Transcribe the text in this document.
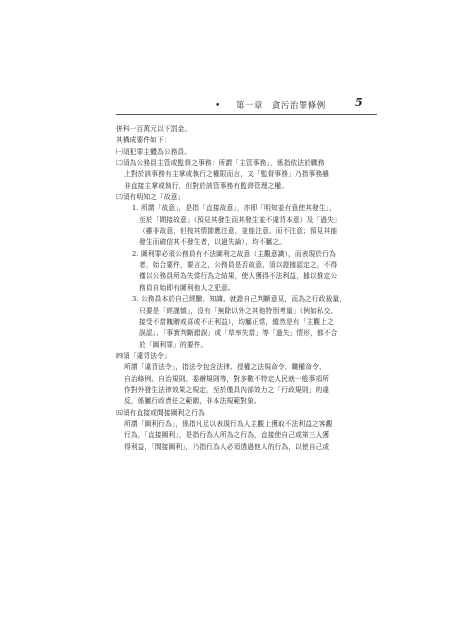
• 第一章　貪污治罪條例	5
併科一百萬元以下罰金。
其構成要件如下：
㈠須犯罪主體為公務員。
㈡須為公務員主管或監督之事務：所謂「主管事務」，係指依法於職務
上對於該事務有主掌或執行之權限而言，又「監督事務」乃指事務雖
非直接主掌或執行，但對於該管事務有監督管理之權。
㈢須有明知之「故意」
1. 所謂「故意」，是指「直接故意」，亦即「明知並有意使其發生」，
至於「間接故意」（預見其發生而其發生並不違背本意）及「過失」
（雖非故意，但按其情節應注意，並能注意，而不注意；預見其能
發生而確信其不發生者，以過失論），均不屬之。
2. 圖利罪必須公務員有不法圖利之故意（主觀意識），而表現於行為
者，始合要件，要言之，公務員是否故意，須以證據認定之，不得
僅以公務員所為失當行為之結果，使人獲得不法利益，據以推定公
務員自始即有圖利他人之犯意。
3. 公務員本於自己經驗、知識、就證自己判斷意見，而為之行政裁量，
只要是「經謹慎」，沒有「無除以外之其他特別考量」（例如私交、
接受不當餽贈或喜或不正利益），均屬正當，縱然是有「主觀上之
誤認」、「事實判斷錯誤」或「草率失當」等「過失」情形，都不合
於「圖利罪」的要件。
㈣須「違背法令」
所謂「違背法令」，指法令包含法律、授權之法規命令、職權命令、
自治條例、自治規則、委辦規則等，對多數不特定人民就一般事項所
作對外發生法律效果之規定，至於僅具內部效力之「行政規則」的違
反，係屬行政責任之範圍，非本法規範對象。
㈤須有直接或間接圖利之行為
所謂「圖利行為」，係指凡足以表現行為人主觀上獲取不法利益之客觀
行為，「直接圖利」，是指行為人所為之行為，直接使自己或第三人獲
得利益，「間接圖利」，乃指行為人必須透過他人的行為，以使自己或
